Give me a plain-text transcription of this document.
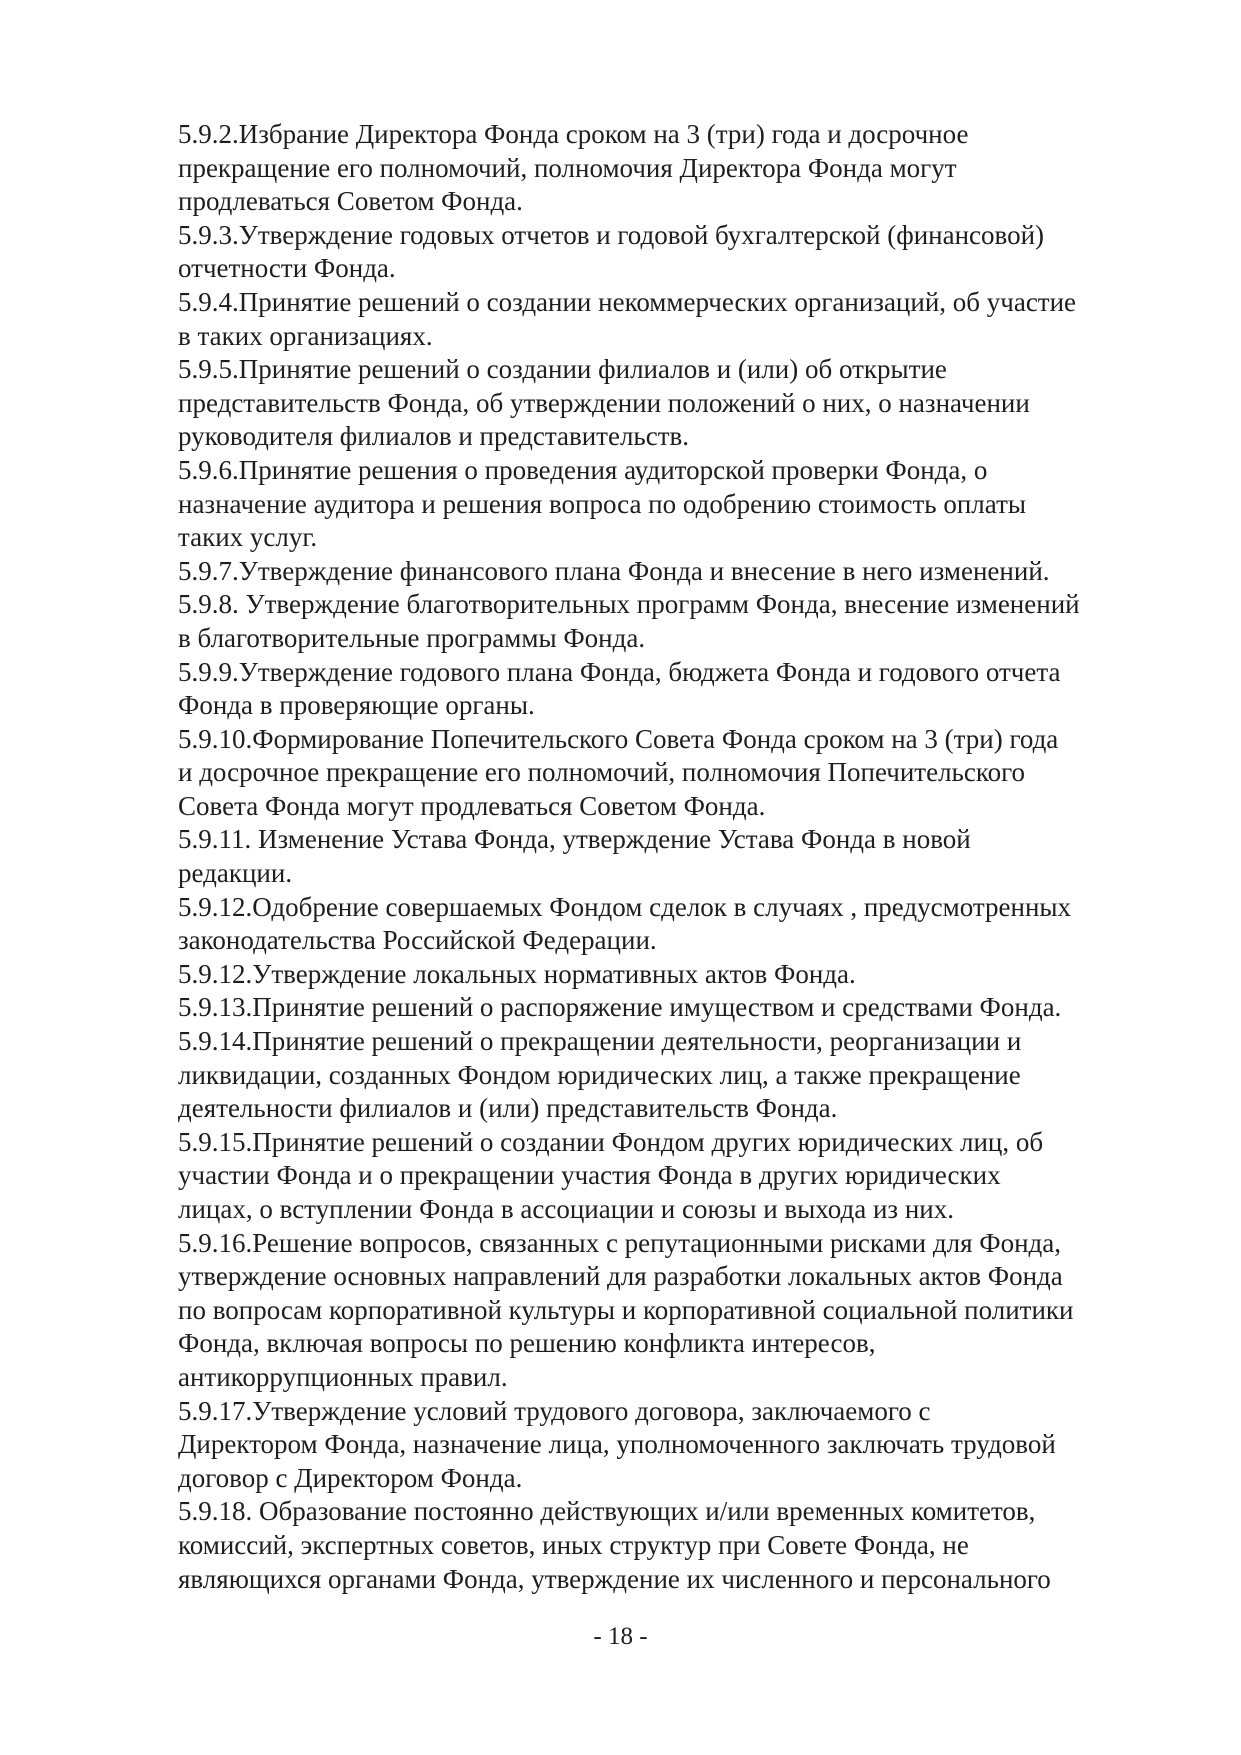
5.9.2.Избрание Директора Фонда сроком на 3 (три) года и досрочное
прекращение его полномочий, полномочия Директора Фонда могут
продлеваться Советом Фонда.
5.9.3.Утверждение годовых отчетов и годовой бухгалтерской (финансовой)
отчетности Фонда.
5.9.4.Принятие решений о создании некоммерческих организаций, об участие
в таких организациях.
5.9.5.Принятие решений о создании филиалов и (или) об открытие
представительств Фонда, об утверждении положений о них, о назначении
руководителя филиалов и представительств.
5.9.6.Принятие решения о проведения аудиторской проверки Фонда, о
назначение аудитора и решения вопроса по одобрению стоимость оплаты
таких услуг.
5.9.7.Утверждение финансового плана Фонда и внесение в него изменений.
5.9.8. Утверждение благотворительных программ Фонда, внесение изменений
в благотворительные программы Фонда.
5.9.9.Утверждение годового плана Фонда, бюджета Фонда и годового отчета
Фонда в проверяющие органы.
5.9.10.Формирование Попечительского Совета Фонда сроком на 3 (три) года
и досрочное прекращение его полномочий, полномочия Попечительского
Совета Фонда могут продлеваться Советом Фонда.
5.9.11. Изменение Устава Фонда, утверждение Устава Фонда в новой
редакции.
5.9.12.Одобрение совершаемых Фондом сделок в случаях , предусмотренных
законодательства Российской Федерации.
5.9.12.Утверждение локальных нормативных актов Фонда.
5.9.13.Принятие решений о распоряжение имуществом и средствами Фонда.
5.9.14.Принятие решений о прекращении деятельности, реорганизации и
ликвидации, созданных Фондом юридических лиц, а также прекращение
деятельности филиалов и (или) представительств Фонда.
5.9.15.Принятие решений о создании Фондом других юридических лиц, об
участии Фонда и о прекращении участия Фонда в других юридических
лицах, о вступлении Фонда в ассоциации и союзы и выхода из них.
5.9.16.Решение вопросов, связанных с репутационными рисками для Фонда,
утверждение основных направлений для разработки локальных актов Фонда
по вопросам корпоративной культуры и корпоративной социальной политики
Фонда, включая вопросы по решению конфликта интересов,
антикоррупционных правил.
5.9.17.Утверждение условий трудового договора, заключаемого с
Директором Фонда, назначение лица, уполномоченного заключать трудовой
договор с Директором Фонда.
5.9.18. Образование постоянно действующих и/или временных комитетов,
комиссий, экспертных советов, иных структур при Совете Фонда, не
являющихся органами Фонда, утверждение их численного и персонального
- 18 -
